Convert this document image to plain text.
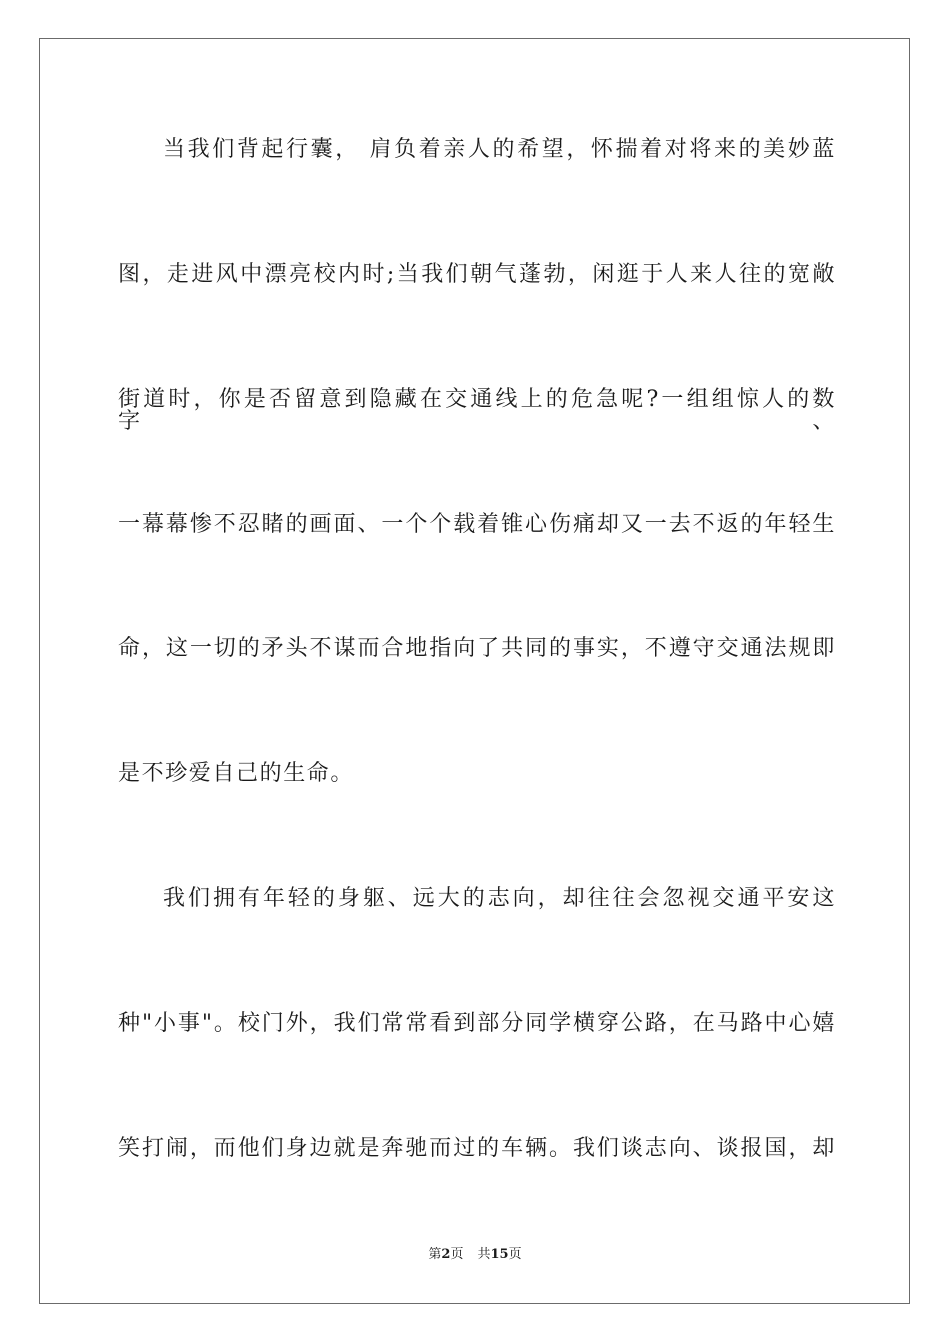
当我们背起行囊， 肩负着亲人的希望，怀揣着对将来的美妙蓝
图，走进风中漂亮校内时;当我们朝气蓬勃，闲逛于人来人往的宽敞
街道时，你是否留意到隐藏在交通线上的危急呢?一组组惊人的数字、
一幕幕惨不忍睹的画面、一个个载着锥心伤痛却又一去不返的年轻生
命，这一切的矛头不谋而合地指向了共同的事实，不遵守交通法规即
是不珍爱自己的生命。
我们拥有年轻的身躯、远大的志向，却往往会忽视交通平安这
种"小事"。校门外，我们常常看到部分同学横穿公路，在马路中心嬉
笑打闹，而他们身边就是奔驰而过的车辆。我们谈志向、谈报国，却
第2页 共15页
